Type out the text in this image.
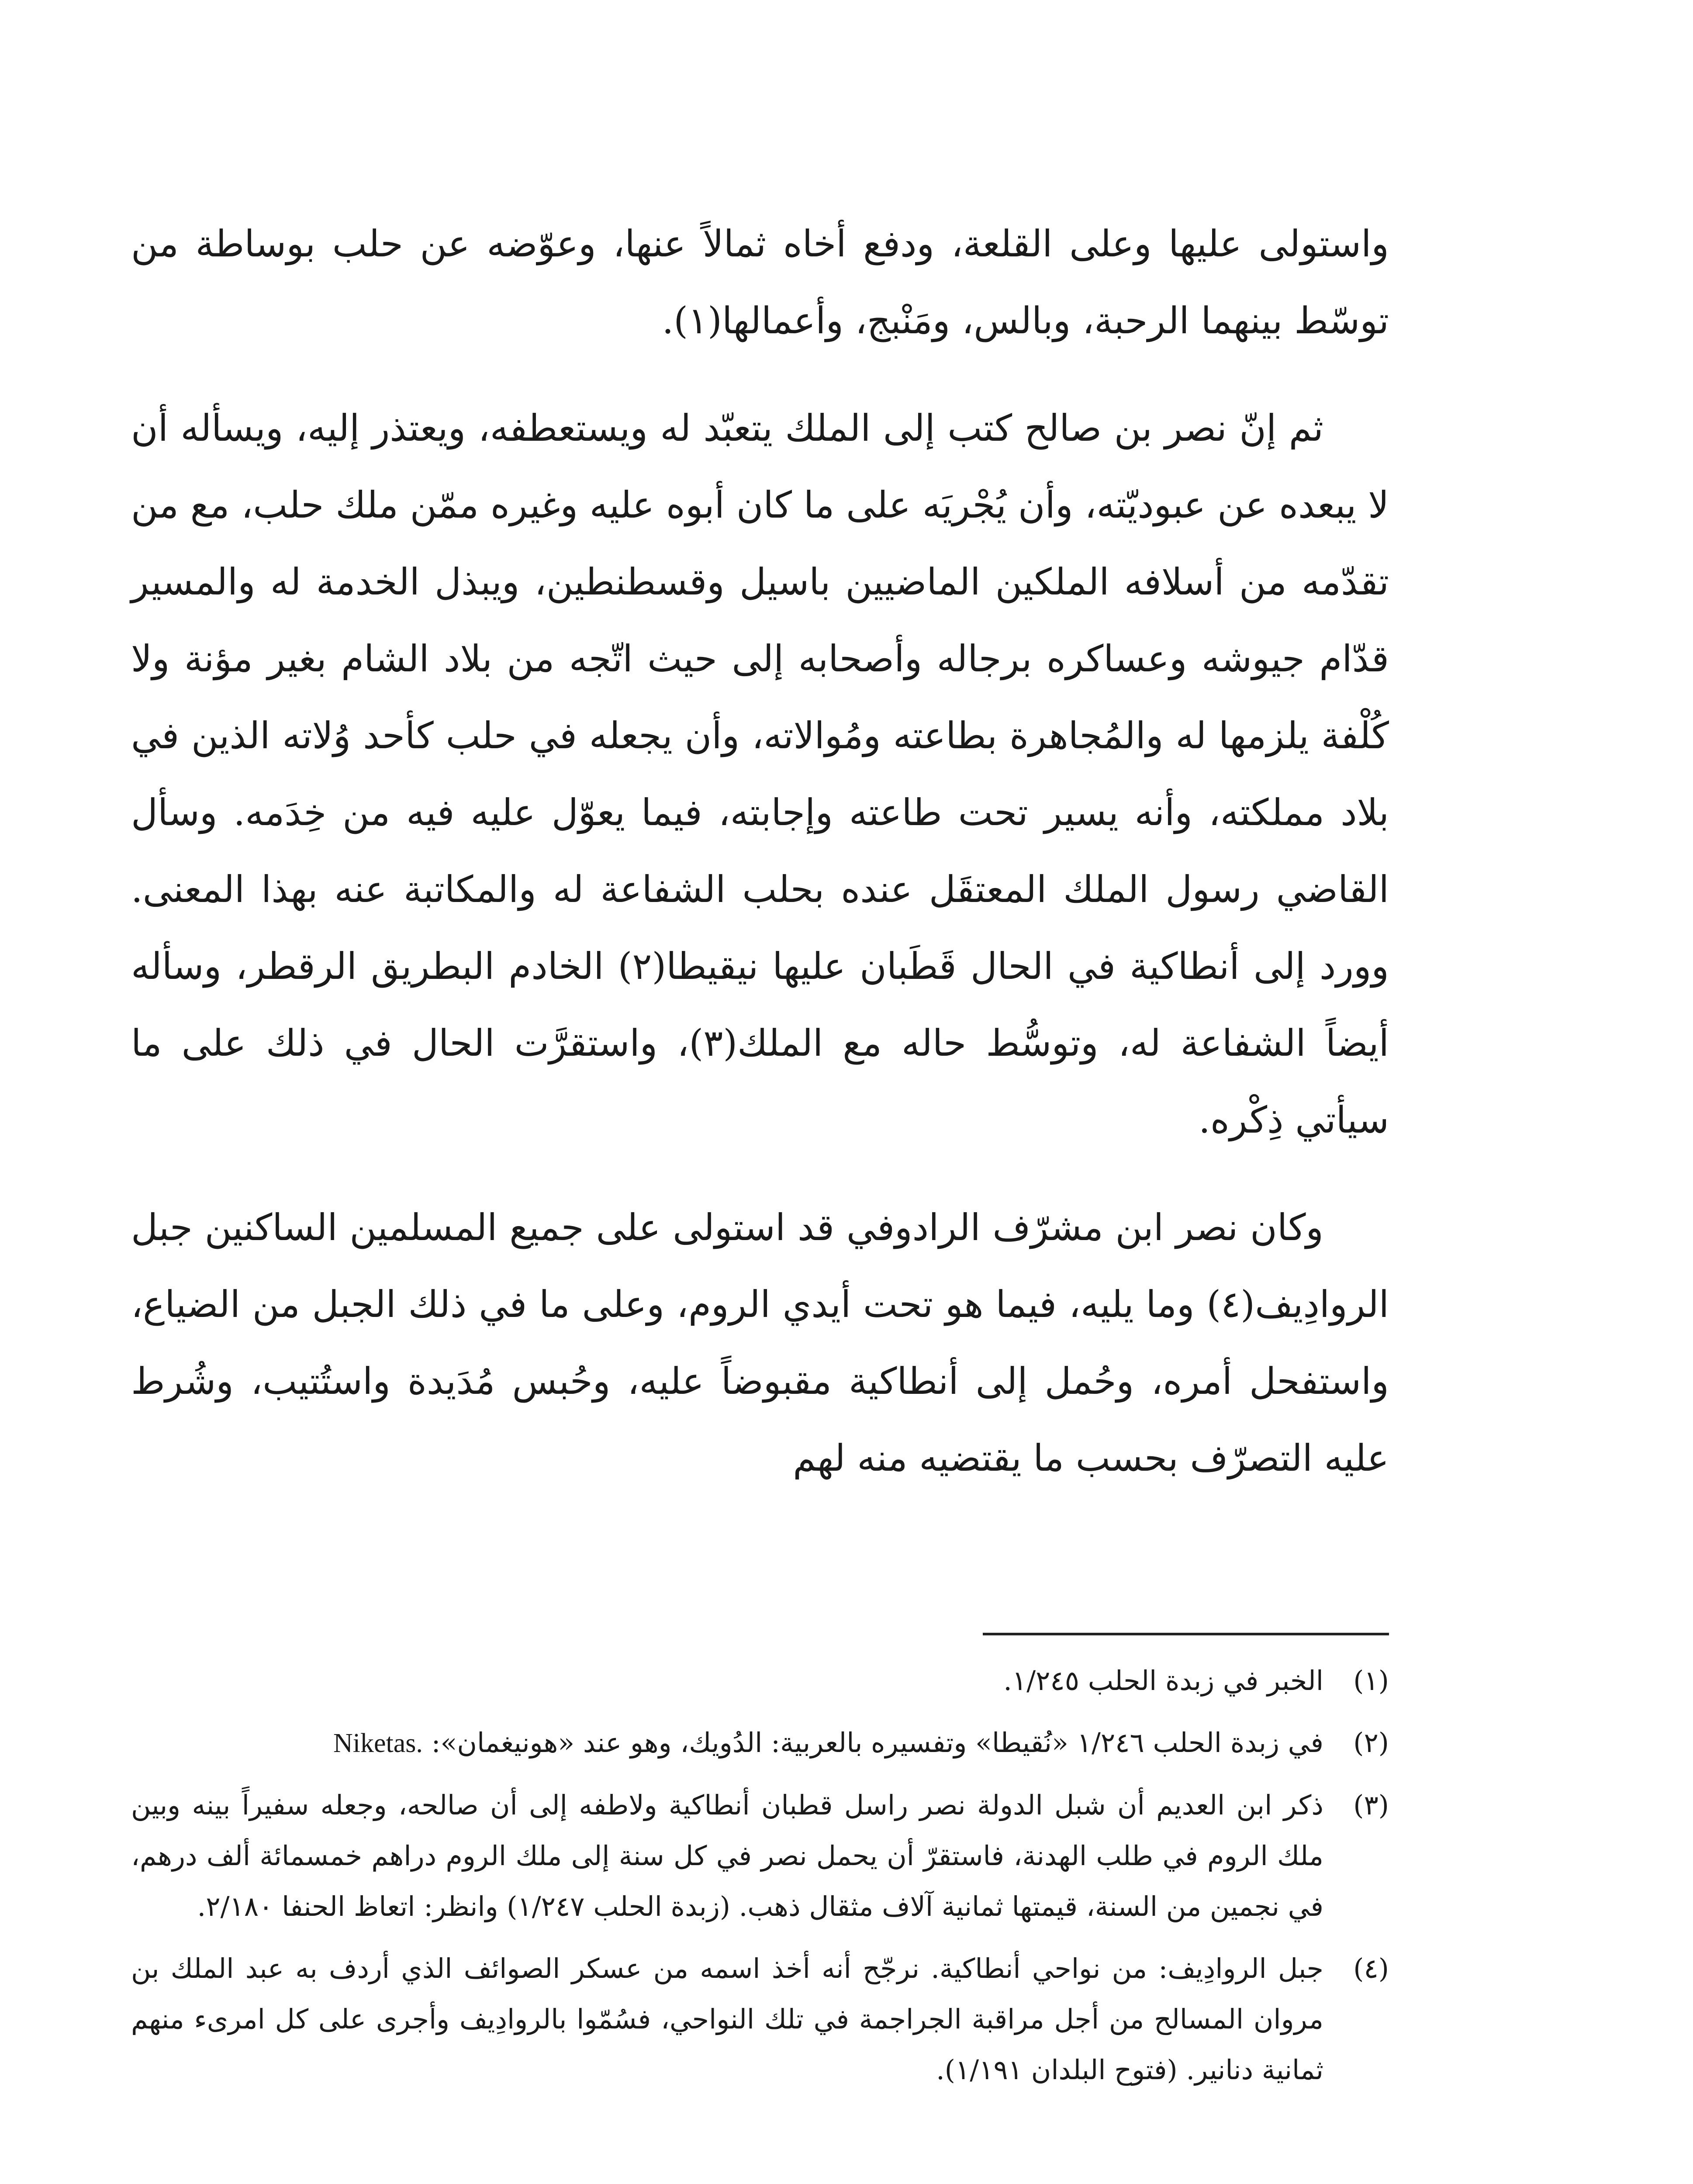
واستولى عليها وعلى القلعة، ودفع أخاه ثمالاً عنها، وعوّضه عن حلب بوساطة من توسّط بينهما الرحبة، وبالس، ومَنْبج، وأعمالها(١).

ثم إنّ نصر بن صالح كتب إلى الملك يتعبّد له ويستعطفه، ويعتذر إليه، ويسأله أن لا يبعده عن عبوديّته، وأن يُجْريَه على ما كان أبوه عليه وغيره ممّن ملك حلب، مع من تقدّمه من أسلافه الملكين الماضيين باسيل وقسطنطين، ويبذل الخدمة له والمسير قدّام جيوشه وعساكره برجاله وأصحابه إلى حيث اتّجه من بلاد الشام بغير مؤنة ولا كُلْفة يلزمها له والمُجاهرة بطاعته ومُوالاته، وأن يجعله في حلب كأحد وُلاته الذين في بلاد مملكته، وأنه يسير تحت طاعته وإجابته، فيما يعوّل عليه فيه من خِدَمه. وسأل القاضي رسول الملك المعتقَل عنده بحلب الشفاعة له والمكاتبة عنه بهذا المعنى. وورد إلى أنطاكية في الحال قَطَبان عليها نيقيطا(٢) الخادم البطريق الرقطر، وسأله أيضاً الشفاعة له، وتوسُّط حاله مع الملك(٣)، واستقرَّت الحال في ذلك على ما سيأتي ذِكْره.

وكان نصر ابن مشرّف الرادوفي قد استولى على جميع المسلمين الساكنين جبل الروادِيف(٤) وما يليه، فيما هو تحت أيدي الروم، وعلى ما في ذلك الجبل من الضياع، واستفحل أمره، وحُمل إلى أنطاكية مقبوضاً عليه، وحُبس مُدَيدة واستُتيب، وشُرط عليه التصرّف بحسب ما يقتضيه منه لهم

(١)
الخبر في زبدة الحلب ١/٢٤٥.
(٢)
في زبدة الحلب ١/٢٤٦ «نُقيطا» وتفسيره بالعربية: الدُويك، وهو عند «هونيغمان»: Niketas.
(٣)
ذكر ابن العديم أن شبل الدولة نصر راسل قطبان أنطاكية ولاطفه إلى أن صالحه، وجعله سفيراً بينه وبين ملك الروم في طلب الهدنة، فاستقرّ أن يحمل نصر في كل سنة إلى ملك الروم دراهم خمسمائة ألف درهم، في نجمين من السنة، قيمتها ثمانية آلاف مثقال ذهب. (زبدة الحلب ١/٢٤٧) وانظر: اتعاظ الحنفا ٢/١٨٠.
(٤)
جبل الروادِيف: من نواحي أنطاكية. نرجّح أنه أخذ اسمه من عسكر الصوائف الذي أردف به عبد الملك بن مروان المسالح من أجل مراقبة الجراجمة في تلك النواحي، فسُمّوا بالروادِيف وأجرى على كل امرىء منهم ثمانية دنانير. (فتوح البلدان ١/١٩١).
